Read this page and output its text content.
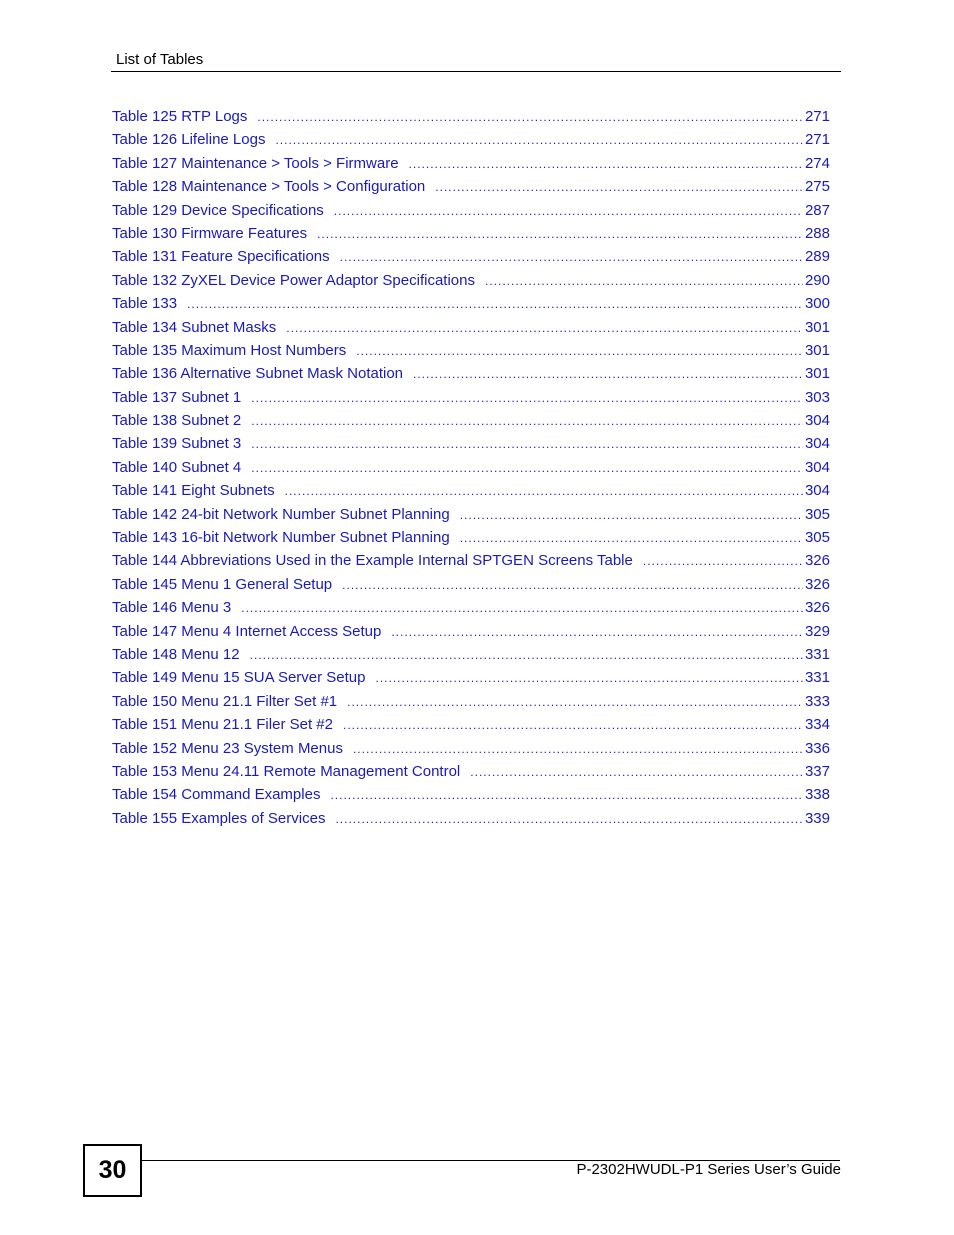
List of Tables
Table 125 RTP Logs .....	271
Table 126 Lifeline Logs .....	271
Table 127 Maintenance > Tools > Firmware .....	274
Table 128 Maintenance > Tools > Configuration .....	275
Table 129 Device Specifications .....	287
Table 130 Firmware Features .....	288
Table 131 Feature Specifications .....	289
Table 132 ZyXEL Device Power Adaptor Specifications .....	290
Table 133 .....	300
Table 134 Subnet Masks .....	301
Table 135 Maximum Host Numbers .....	301
Table 136 Alternative Subnet Mask Notation .....	301
Table 137 Subnet 1 .....	303
Table 138 Subnet 2 .....	304
Table 139 Subnet 3 .....	304
Table 140 Subnet 4 .....	304
Table 141 Eight Subnets .....	304
Table 142 24-bit Network Number Subnet Planning .....	305
Table 143 16-bit Network Number Subnet Planning .....	305
Table 144 Abbreviations Used in the Example Internal SPTGEN Screens Table .....	326
Table 145 Menu 1 General Setup .....	326
Table 146 Menu 3 .....	326
Table 147 Menu 4 Internet Access Setup .....	329
Table 148 Menu 12 .....	331
Table 149 Menu 15 SUA Server Setup .....	331
Table 150 Menu 21.1 Filter Set #1 .....	333
Table 151 Menu 21.1 Filer Set #2 .....	334
Table 152 Menu 23 System Menus .....	336
Table 153 Menu 24.11 Remote Management Control .....	337
Table 154 Command Examples .....	338
Table 155 Examples of Services .....	339
30	P-2302HWUDL-P1 Series User’s Guide
